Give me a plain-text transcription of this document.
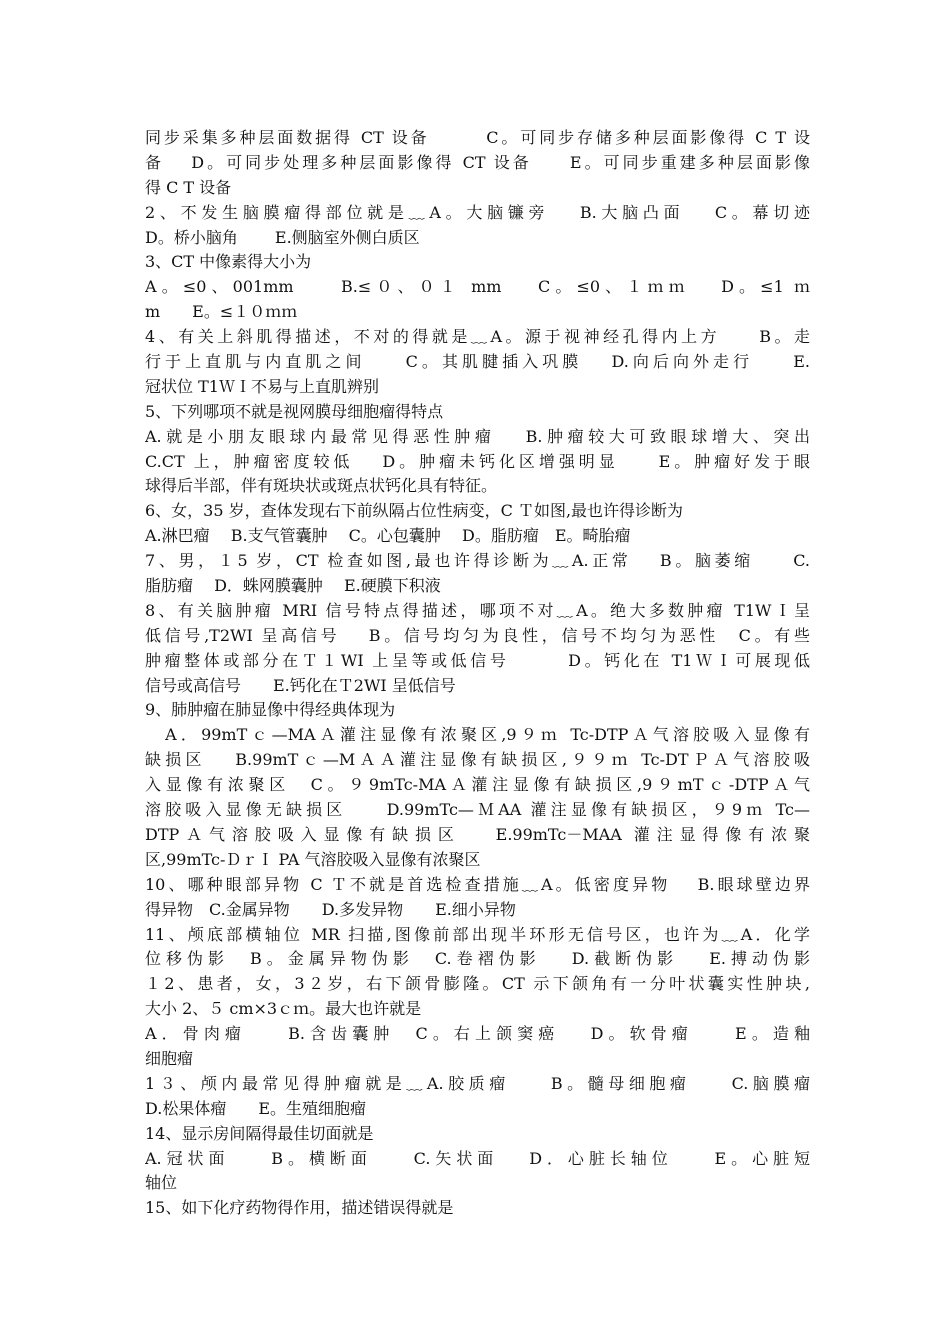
同步采集多种层面数据得 CT 设备　　　C。可同步存储多种层面影像得 C T 设
备　 D。可同步处理多种层面影像得 CT 设备　　E。可同步重建多种层面影像
得 C T 设备
2、不发生脑膜瘤得部位就是﹏A。大脑镰旁　 B.大脑凸面　 C。幕切迹
D。桥小脑角　　 E.侧脑室外侧白质区
3、CT 中像素得大小为
A。≤0、001mm　　B.≤０、０１ mm　 C。≤0、１ｍｍ　 D。≤1 ｍ
m　　E。≤１０ｍｍ
4、有关上斜肌得描述，不对的得就是﹏A。源于视神经孔得内上方　　B。走
行于上直肌与内直肌之间　　C。其肌腱插入巩膜　 D.向后向外走行　　E.
冠状位 T1ＷＩ不易与上直肌辨别
5、下列哪项不就是视网膜母细胞瘤得特点
A.就是小朋友眼球内最常见得恶性肿瘤　 B.肿瘤较大可致眼球增大、突出
C.CT 上，肿瘤密度较低　 D。肿瘤未钙化区增强明显　　E。肿瘤好发于眼
球得后半部，伴有斑块状或斑点状钙化具有特征。
6、女，35 岁，查体发现右下前纵隔占位性病变，C Ｔ如图,最也许得诊断为
A.淋巴瘤　 B.支气管囊肿　 C。心包囊肿　 D。脂肪瘤　E。畸胎瘤
7、男，１5 岁，CT 检查如图,最也许得诊断为﹏A.正常　 B。脑萎缩　　C.
脂肪瘤　 D．蛛网膜囊肿　 E.硬膜下积液
8、有关脑肿瘤 MRI 信号特点得描述，哪项不对﹏A。绝大多数肿瘤 T1WＩ呈
低信号,T2WI 呈高信号　 B。信号均匀为良性，信号不均匀为恶性　C。有些
肿瘤整体或部分在Ｔ１WI 上呈等或低信号　　　D。钙化在 T1ＷＩ可展现低
信号或高信号　　E.钙化在Ｔ2WI 呈低信号
9、肺肿瘤在肺显像中得经典体现为
　A．99mTｃ—MAＡ灌注显像有浓聚区,9９ｍ Tc-DTPＡ气溶胶吸入显像有
缺损区　 B.99mTｃ—MＡＡ灌注显像有缺损区,９９ｍ Tc-DTＰＡ气溶胶吸
入显像有浓聚区　C。９9mTc-MAＡ灌注显像有缺损区,9９mTｃ-DTPＡ气
溶胶吸入显像无缺损区　　D.99mTc—ＭAA 灌注显像有缺损区，９9ｍ Tc—
DTPＡ气溶胶吸入显像有缺损区　 E.99mTc－MAA 灌注显得像有浓聚
区,99mTc-ＤｒＩ PA 气溶胶吸入显像有浓聚区
10、哪种眼部异物 C Ｔ不就是首选检查措施﹏A。低密度异物　 B.眼球壁边界
得异物　C.金属异物　　D.多发异物　　E.细小异物
11、颅底部横轴位 MR 扫描,图像前部出现半环形无信号区，也许为﹏A．化学
位移伪影　B。金属异物伪影　C.卷褶伪影　 D.截断伪影　 E.搏动伪影
１2、患者，女，3２岁，右下颌骨膨隆。CT 示下颌角有一分叶状囊实性肿块,
大小 2、５ cm×3ｃｍ。最大也许就是
A．骨肉瘤　　B.含齿囊肿　C。右上颌窦癌　 D。软骨瘤　　E。造釉
细胞瘤
1３、颅内最常见得肿瘤就是﹏A.胶质瘤　　B。髓母细胞瘤　　C.脑膜瘤
D.松果体瘤　　E。生殖细胞瘤
14、显示房间隔得最佳切面就是
A.冠状面　　B。横断面　　C.矢状面　 D．心脏长轴位　　E。心脏短
轴位
15、如下化疗药物得作用，描述错误得就是
